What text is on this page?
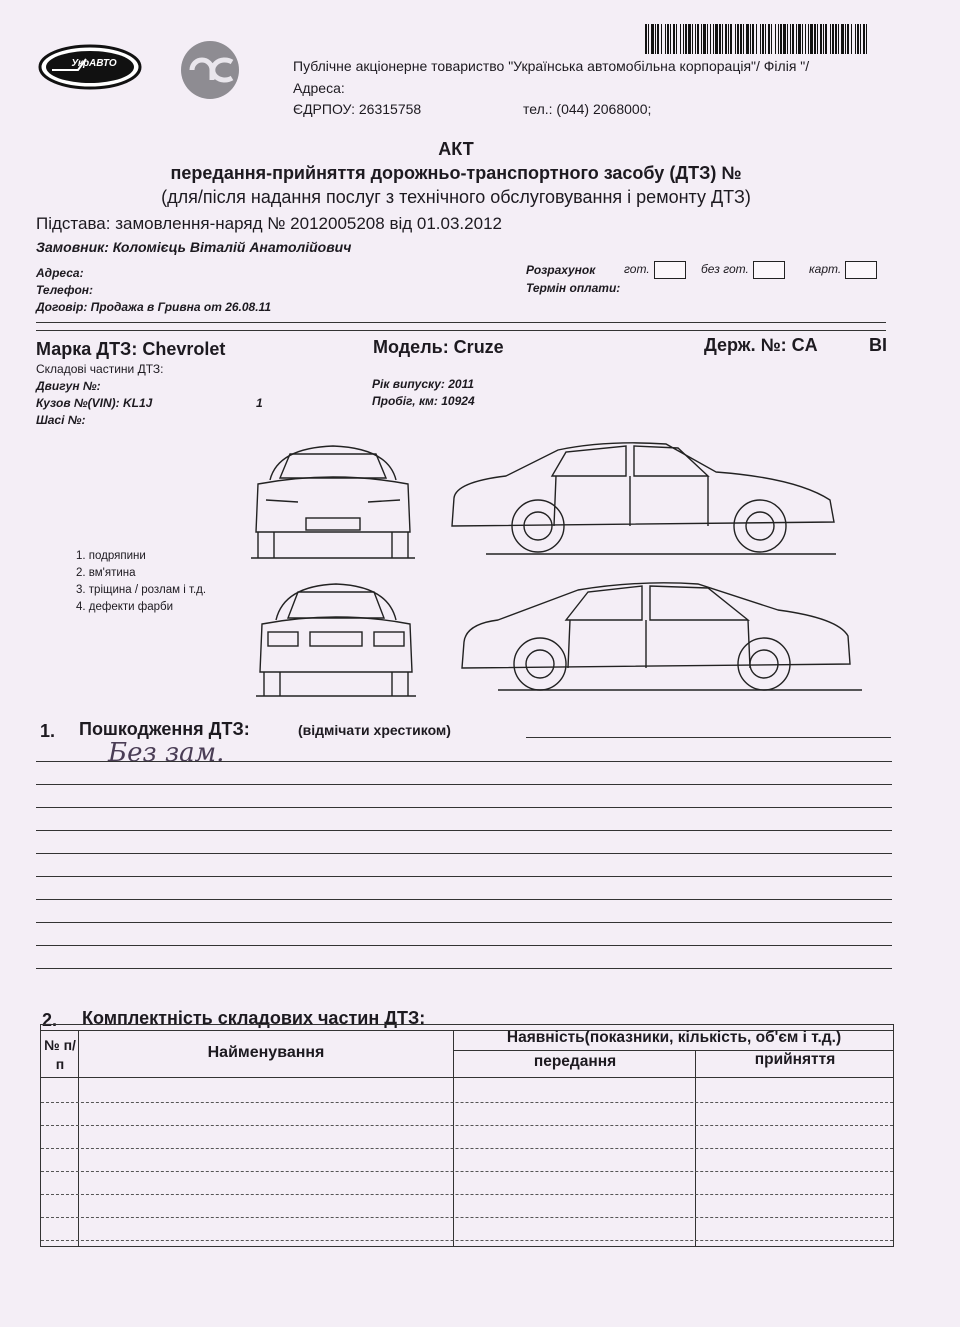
УкрАВТО	Публічне акціонерне товариство "Українська автомобільна корпорація"/ Філія "/
Адреса:
ЄДРПОУ: 26315758	тел.: (044) 2068000;
АКТ
передання-прийняття дорожньо-транспортного засобу (ДТЗ) №
(для/після надання послуг з технічного обслуговування і ремонту ДТЗ)
Підстава: замовлення-наряд № 2012005208 від 01.03.2012
Замовник: Коломієць Віталій Анатолійович
Адреса:
Телефон:
Договір: Продажа в Гривна от 26.08.11
Розрахунок гот.	без гот.	карт.
Термін оплати:
Марка ДТЗ: Chevrolet	Модель: Cruze	Держ. №: CA	ВІ
Складові частини ДТЗ:
Двигун №:
Кузов №(VIN): KL1J	1
Шасі №:
Рік випуску: 2011
Пробіг, км: 10924
1. подряпини
2. вм'ятина
3. тріщина / розлам і т.д.
4. дефекти фарби
1. Пошкодження ДТЗ:	(відмічати хрестиком)
Без зам.
2. Комплектність складових частин ДТЗ:
№ п/п
Найменування
Наявність(показники, кількість, об'єм і т.д.)
передання	прийняття
